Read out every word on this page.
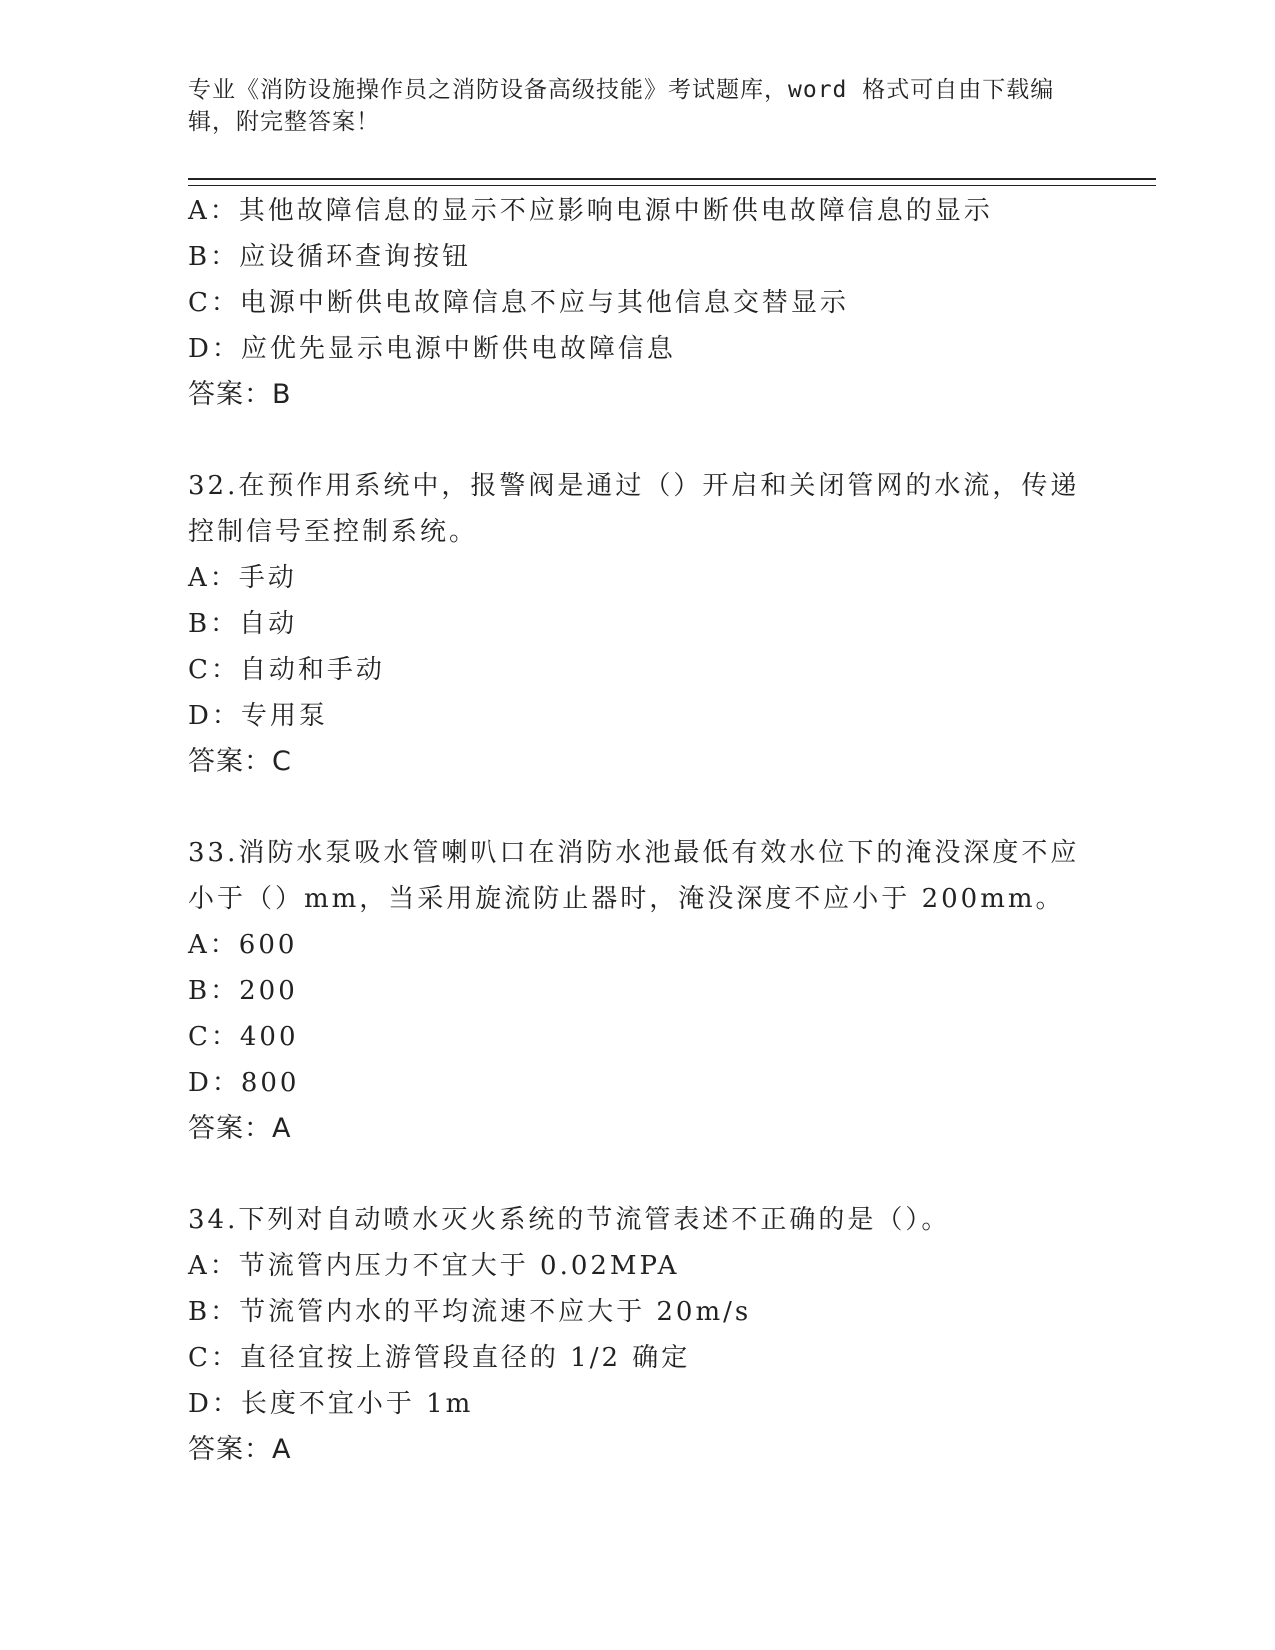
专业《消防设施操作员之消防设备高级技能》考试题库，word 格式可自由下载编
辑，附完整答案！
A：其他故障信息的显示不应影响电源中断供电故障信息的显示
B：应设循环查询按钮
C：电源中断供电故障信息不应与其他信息交替显示
D：应优先显示电源中断供电故障信息
答案：B
32.在预作用系统中，报警阀是通过（）开启和关闭管网的水流，传递
控制信号至控制系统。
A：手动
B：自动
C：自动和手动
D：专用泵
答案：C
33.消防水泵吸水管喇叭口在消防水池最低有效水位下的淹没深度不应
小于（）mm，当采用旋流防止器时，淹没深度不应小于 200mm。
A：600
B：200
C：400
D：800
答案：A
34.下列对自动喷水灭火系统的节流管表述不正确的是（）。
A：节流管内压力不宜大于 0.02MPA
B：节流管内水的平均流速不应大于 20m/s
C：直径宜按上游管段直径的 1/2 确定
D：长度不宜小于 1m
答案：A
